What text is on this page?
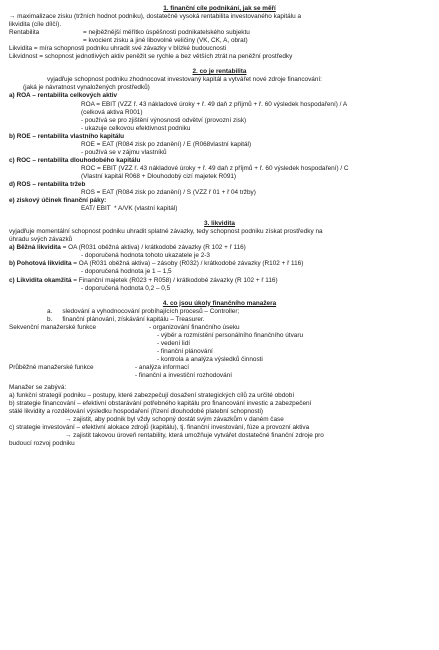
1. finanční cíle podnikání, jak se měří
→ maximalizace zisku (tržních hodnot podniku), dostatečně vysoká rentabilita investovaného kapitálu a
likvidita (cíle dílčí).
Rentabilita	= nejběžnější měřítko úspěšnosti podnikatelského subjektu
= kvocient zisku a jiné libovolné veličiny (VK, CK, A, obrat)
Likvidita = míra schopnosti podniku uhradit své závazky v blízké budoucnosti
Likvidnost = schopnost jednotlivých aktiv peněžit se rychle a bez větších ztrát na peněžní prostředky
2. co je rentabilita
vyjadřuje schopnost podniku zhodnocovat investovaný kapitál a vytvářet nové zdroje financování:
(jaká je návratnost vynaložených prostředků)
a) ROA – rentabilita celkových aktiv
ROA = EBIT (VZZ ř. 43 nákladové úroky + ř. 49 daň z příjmů + ř. 60 výsledek hospodaření) / A
(celková aktiva R001)
- používá se pro zjištění výnosnosti odvětví (provozní zisk)
- ukazuje celkovou efektivnost podniku
b) ROE – rentabilita vlastního kapitálu
ROE = EAT (R084 zisk po zdanění) / E (R068vlastní kapitál)
- používá se v zájmu vlastníků
c) ROC – rentabilita dlouhodobého kapitálu
ROC = EBIT (VZZ ř. 43 nákladové úroky + ř. 49 daň z příjmů + ř. 60 výsledek hospodaření) / C
(Vlastní kapitál R068 + Dlouhodobý cizí majetek R091)
d) ROS – rentabilita tržeb
ROS = EAT (R084 zisk po zdanění) / S (VZZ ř 01 + ř 04 tržby)
e) ziskový účinek finanční páky:
EAT/ EBIT  * A/VK (vlastní kapitál)
3. likvidita
vyjadřuje momentální schopnost podniku uhradit splatné závazky, tedy schopnost podniku získat prostředky na
úhradu svých závazků
a) Běžná likvidita = OA (R031 oběžná aktiva) / krátkodobé závazky (R 102 + ř 116)
- doporučená hodnota tohoto ukazatele je 2-3
b) Pohotová likvidita = OA (R031 oběžná aktiva) – zásoby (R032) / krátkodobé závazky (R102 + ř 116)
- doporučená hodnota je 1 – 1,5
c) Likvidita okamžitá = Finanční majetek (R023 + R058) / krátkodobé závazky (R 102 + ř 116)
- doporučená hodnota 0,2 – 0,5
4. co jsou úkoly finančního manažera
a. sledování a vyhodnocování probíhajících procesů – Controller;
b. finanční plánování, získávání kapitálu – Treasurer.
Sekvenční manažerské funkce	- organizování finančního úseku
- výběr a rozmístění personálního finančního útvaru
- vedení lidí
- finanční plánování
- kontrola a analýza výsledků činnosti
Průběžné manažerské funkce	- analýza informací
- finanční a investiční rozhodování
Manažer se zabývá:
a) funkční strategií podniku – postupy, které zabezpečují dosažení strategických cílů za určité období
b) strategie financování – efektivní obstarávání potřebného kapitálu pro financování investic a zabezpečení
stálé likvidity a rozdělování výsledku hospodaření (řízení dlouhodobé platební schopnosti)
→ zajistit, aby podnik byl vždy schopný dostát svým závazkům v daném čase
c) strategie investování – efektivní alokace zdrojů (kapitálu), tj. finanční investování, fúze a provozní aktiva
→ zajistit takovou úroveň rentability, která umožňuje vytvářet dostatečné finanční zdroje pro
budoucí rozvoj podniku
